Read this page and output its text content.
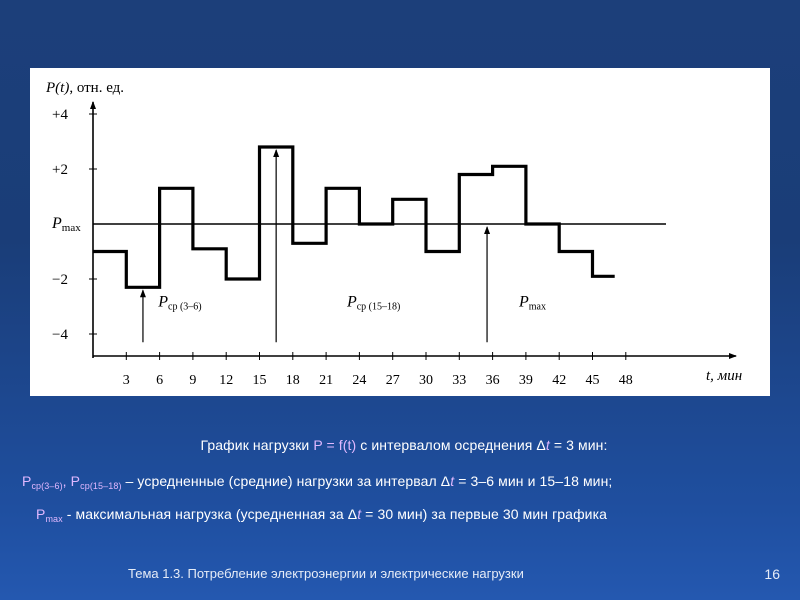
P(t), отн. ед.
t, мин
3 6 9 12 15 18 21 24 27 30 33 36 39 42 45 48
+4
+2
−2
−4
Pmax
Pср (3–6)	Pср (15–18)	Pmax
График нагрузки P = f(t) с интервалом осреднения Δt = 3 мин:
$P_{ср(3-6)}$, $P_{ср(15-18)}$ – усредненные (средние) нагрузки за интервал Δt = 3–6 мин и 15–18 мин;
$P_{max}$ - максимальная нагрузка (усредненная за Δt = 30 мин) за первые 30 мин графика
Тема 1.3. Потребление электроэнергии и электрические нагрузки	16
